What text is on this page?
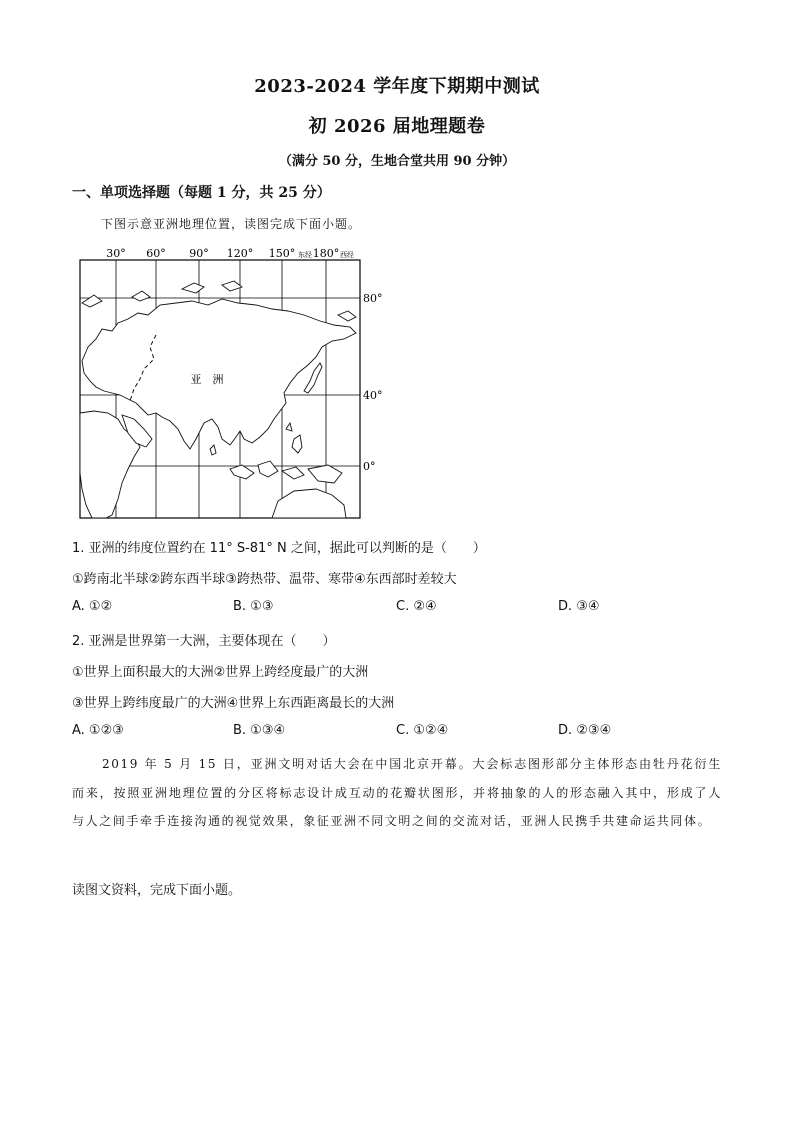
2023-2024 学年度下期期中测试
初 2026 届地理题卷
（满分 50 分，生地合堂共用 90 分钟）
一、单项选择题（每题 1 分，共 25 分）
下图示意亚洲地理位置，读图完成下面小题。
30° 60° 90° 120° 150° 东经 180° 西经
80°
40°
0°
亚　洲
1. 亚洲的纬度位置约在 11° S-81° N 之间，据此可以判断的是（　　）
①跨南北半球②跨东西半球③跨热带、温带、寒带④东西部时差较大
A. ①②	B. ①③	C. ②④	D. ③④
2. 亚洲是世界第一大洲，主要体现在（　　）
①世界上面积最大的大洲②世界上跨经度最广的大洲
③世界上跨纬度最广的大洲④世界上东西距离最长的大洲
A. ①②③	B. ①③④	C. ①②④	D. ②③④
2019 年 5 月 15 日，亚洲文明对话大会在中国北京开幕。大会标志图形部分主体形态由牡丹花衍生而来，按照亚洲地理位置的分区将标志设计成互动的花瓣状图形，并将抽象的人的形态融入其中，形成了人与人之间手牵手连接沟通的视觉效果，象征亚洲不同文明之间的交流对话，亚洲人民携手共建命运共同体。
读图文资料，完成下面小题。
